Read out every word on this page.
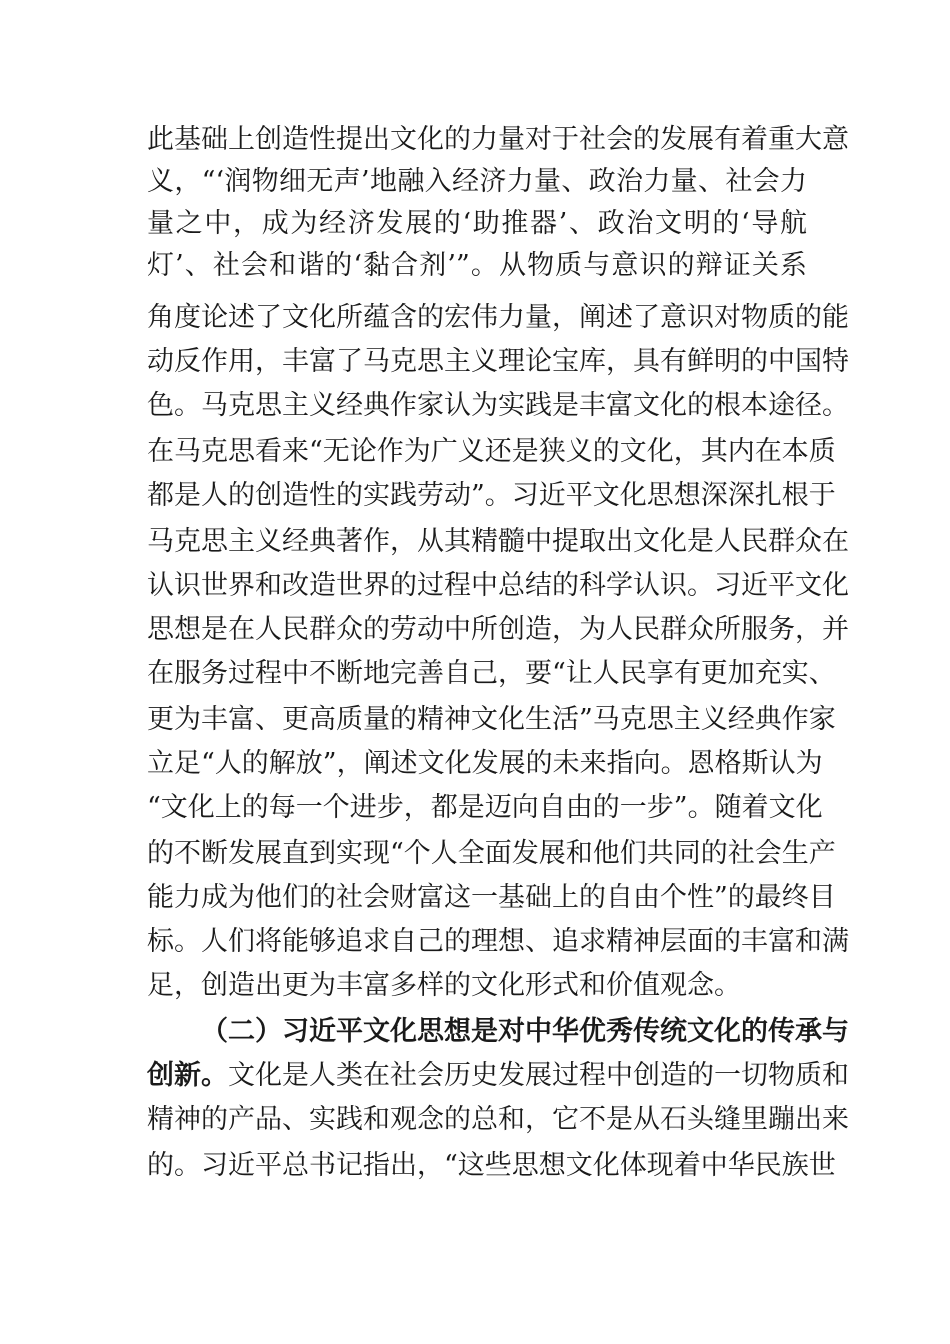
此基础上创造性提出文化的力量对于社会的发展有着重大意
义，“‘润物细无声’地融入经济力量、政治力量、社会力
量之中，成为经济发展的‘助推器’、政治文明的‘导航
灯’、社会和谐的‘黏合剂’”。从物质与意识的辩证关系
角度论述了文化所蕴含的宏伟力量，阐述了意识对物质的能
动反作用，丰富了马克思主义理论宝库，具有鲜明的中国特
色。马克思主义经典作家认为实践是丰富文化的根本途径。
在马克思看来“无论作为广义还是狭义的文化，其内在本质
都是人的创造性的实践劳动”。习近平文化思想深深扎根于
马克思主义经典著作，从其精髓中提取出文化是人民群众在
认识世界和改造世界的过程中总结的科学认识。习近平文化
思想是在人民群众的劳动中所创造，为人民群众所服务，并
在服务过程中不断地完善自己，要“让人民享有更加充实、
更为丰富、更高质量的精神文化生活”马克思主义经典作家
立足“人的解放”，阐述文化发展的未来指向。恩格斯认为
“文化上的每一个进步，都是迈向自由的一步”。随着文化
的不断发展直到实现“个人全面发展和他们共同的社会生产
能力成为他们的社会财富这一基础上的自由个性”的最终目
标。人们将能够追求自己的理想、追求精神层面的丰富和满
足，创造出更为丰富多样的文化形式和价值观念。
（二）习近平文化思想是对中华优秀传统文化的传承与
创新。文化是人类在社会历史发展过程中创造的一切物质和
精神的产品、实践和观念的总和，它不是从石头缝里蹦出来
的。习近平总书记指出，“这些思想文化体现着中华民族世
